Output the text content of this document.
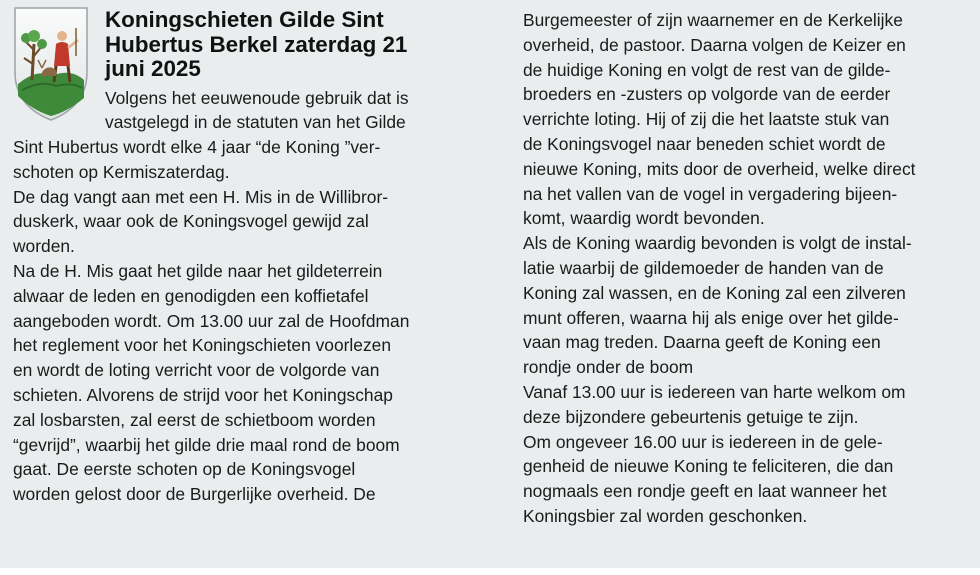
Koningschieten Gilde Sint
Hubertus Berkel zaterdag 21
juni 2025
Volgens het eeuwenoude gebruik dat is
vastgelegd in de statuten van het Gilde
Sint Hubertus wordt elke 4 jaar “de Koning ”ver-
schoten op Kermiszaterdag.
De dag vangt aan met een H. Mis in de Willibror-
duskerk, waar ook de Koningsvogel gewijd zal
worden.
Na de H. Mis gaat het gilde naar het gildeterrein
alwaar de leden en genodigden een koffietafel
aangeboden wordt. Om 13.00 uur zal de Hoofdman
het reglement voor het Koningschieten voorlezen
en wordt de loting verricht voor de volgorde van
schieten. Alvorens de strijd voor het Koningschap
zal losbarsten, zal eerst de schietboom worden
“gevrijd”, waarbij het gilde drie maal rond de boom
gaat. De eerste schoten op de Koningsvogel
worden gelost door de Burgerlijke overheid. De
Burgemeester of zijn waarnemer en de Kerkelijke
overheid, de pastoor. Daarna volgen de Keizer en
de huidige Koning en volgt de rest van de gilde-
broeders en -zusters op volgorde van de eerder
verrichte loting. Hij of zij die het laatste stuk van
de Koningsvogel naar beneden schiet wordt de
nieuwe Koning, mits door de overheid, welke direct
na het vallen van de vogel in vergadering bijeen-
komt, waardig wordt bevonden.
Als de Koning waardig bevonden is volgt de instal-
latie waarbij de gildemoeder de handen van de
Koning zal wassen, en de Koning zal een zilveren
munt offeren, waarna hij als enige over het gilde-
vaan mag treden. Daarna geeft de Koning een
rondje onder de boom
Vanaf 13.00 uur is iedereen van harte welkom om
deze bijzondere gebeurtenis getuige te zijn.
Om ongeveer 16.00 uur is iedereen in de gele-
genheid de nieuwe Koning te feliciteren, die dan
nogmaals een rondje geeft en laat wanneer het
Koningsbier zal worden geschonken.
